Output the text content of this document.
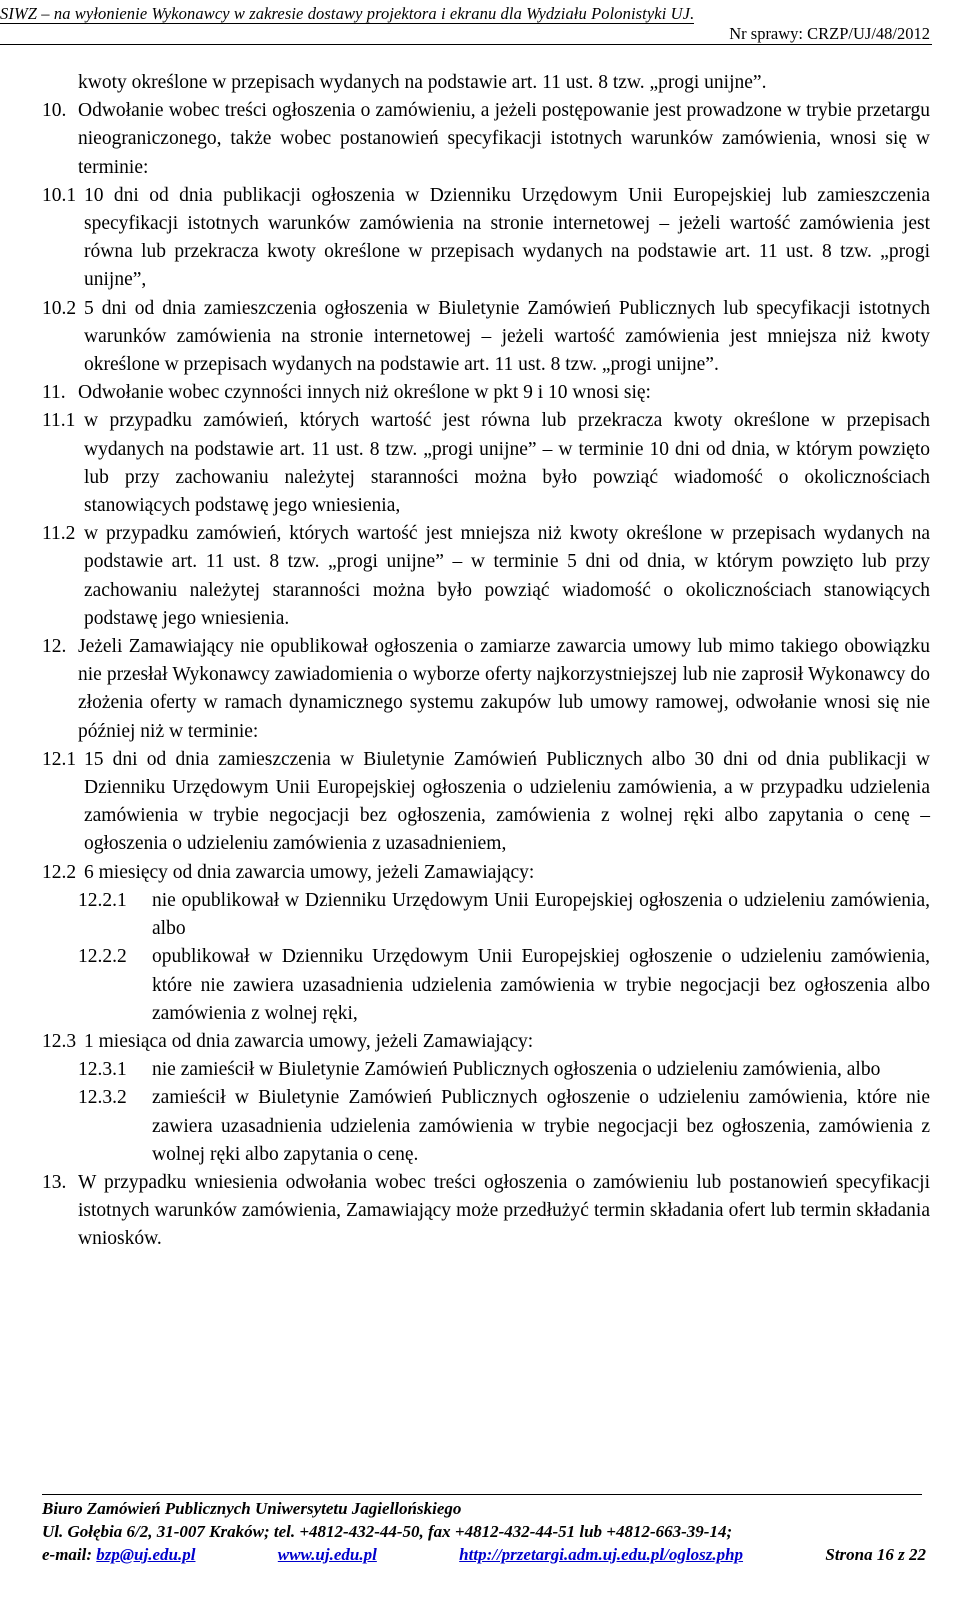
SIWZ – na wyłonienie Wykonawcy w zakresie dostawy projektora i ekranu dla Wydziału Polonistyki UJ.
Nr sprawy: CRZP/UJ/48/2012
kwoty określone w przepisach wydanych na podstawie art. 11 ust. 8 tzw. „progi unijne”.
10. Odwołanie wobec treści ogłoszenia o zamówieniu, a jeżeli postępowanie jest prowadzone w trybie przetargu nieograniczonego, także wobec postanowień specyfikacji istotnych warunków zamówienia, wnosi się w terminie:
10.1 10 dni od dnia publikacji ogłoszenia w Dzienniku Urzędowym Unii Europejskiej lub zamieszczenia specyfikacji istotnych warunków zamówienia na stronie internetowej – jeżeli wartość zamówienia jest równa lub przekracza kwoty określone w przepisach wydanych na podstawie art. 11 ust. 8 tzw. „progi unijne”,
10.2 5 dni od dnia zamieszczenia ogłoszenia w Biuletynie Zamówień Publicznych lub specyfikacji istotnych warunków zamówienia na stronie internetowej – jeżeli wartość zamówienia jest mniejsza niż kwoty określone w przepisach wydanych na podstawie art. 11 ust. 8 tzw. „progi unijne”.
11. Odwołanie wobec czynności innych niż określone w pkt 9 i 10 wnosi się:
11.1 w przypadku zamówień, których wartość jest równa lub przekracza kwoty określone w przepisach wydanych na podstawie art. 11 ust. 8 tzw. „progi unijne” – w terminie 10 dni od dnia, w którym powzięto lub przy zachowaniu należytej staranności można było powziąć wiadomość o okolicznościach stanowiących podstawę jego wniesienia,
11.2 w przypadku zamówień, których wartość jest mniejsza niż kwoty określone w przepisach wydanych na podstawie art. 11 ust. 8 tzw. „progi unijne” – w terminie 5 dni od dnia, w którym powzięto lub przy zachowaniu należytej staranności można było powziąć wiadomość o okolicznościach stanowiących podstawę jego wniesienia.
12. Jeżeli Zamawiający nie opublikował ogłoszenia o zamiarze zawarcia umowy lub mimo takiego obowiązku nie przesłał Wykonawcy zawiadomienia o wyborze oferty najkorzystniejszej lub nie zaprosił Wykonawcy do złożenia oferty w ramach dynamicznego systemu zakupów lub umowy ramowej, odwołanie wnosi się nie później niż w terminie:
12.1 15 dni od dnia zamieszczenia w Biuletynie Zamówień Publicznych albo 30 dni od dnia publikacji w Dzienniku Urzędowym Unii Europejskiej ogłoszenia o udzieleniu zamówienia, a w przypadku udzielenia zamówienia w trybie negocjacji bez ogłoszenia, zamówienia z wolnej ręki albo zapytania o cenę – ogłoszenia o udzieleniu zamówienia z uzasadnieniem,
12.2 6 miesięcy od dnia zawarcia umowy, jeżeli Zamawiający:
12.2.1 nie opublikował w Dzienniku Urzędowym Unii Europejskiej ogłoszenia o udzieleniu zamówienia, albo
12.2.2 opublikował w Dzienniku Urzędowym Unii Europejskiej ogłoszenie o udzieleniu zamówienia, które nie zawiera uzasadnienia udzielenia zamówienia w trybie negocjacji bez ogłoszenia albo zamówienia z wolnej ręki,
12.3 1 miesiąca od dnia zawarcia umowy, jeżeli Zamawiający:
12.3.1 nie zamieścił w Biuletynie Zamówień Publicznych ogłoszenia o udzieleniu zamówienia, albo
12.3.2 zamieścił w Biuletynie Zamówień Publicznych ogłoszenie o udzieleniu zamówienia, które nie zawiera uzasadnienia udzielenia zamówienia w trybie negocjacji bez ogłoszenia, zamówienia z wolnej ręki albo zapytania o cenę.
13. W przypadku wniesienia odwołania wobec treści ogłoszenia o zamówieniu lub postanowień specyfikacji istotnych warunków zamówienia, Zamawiający może przedłużyć termin składania ofert lub termin składania wniosków.
Biuro Zamówień Publicznych Uniwersytetu Jagiellońskiego
Ul. Gołębia 6/2, 31-007 Kraków; tel. +4812-432-44-50, fax +4812-432-44-51 lub +4812-663-39-14;
e-mail: bzp@uj.edu.pl	www.uj.edu.pl	http://przetargi.adm.uj.edu.pl/oglosz.php	Strona 16 z 22
